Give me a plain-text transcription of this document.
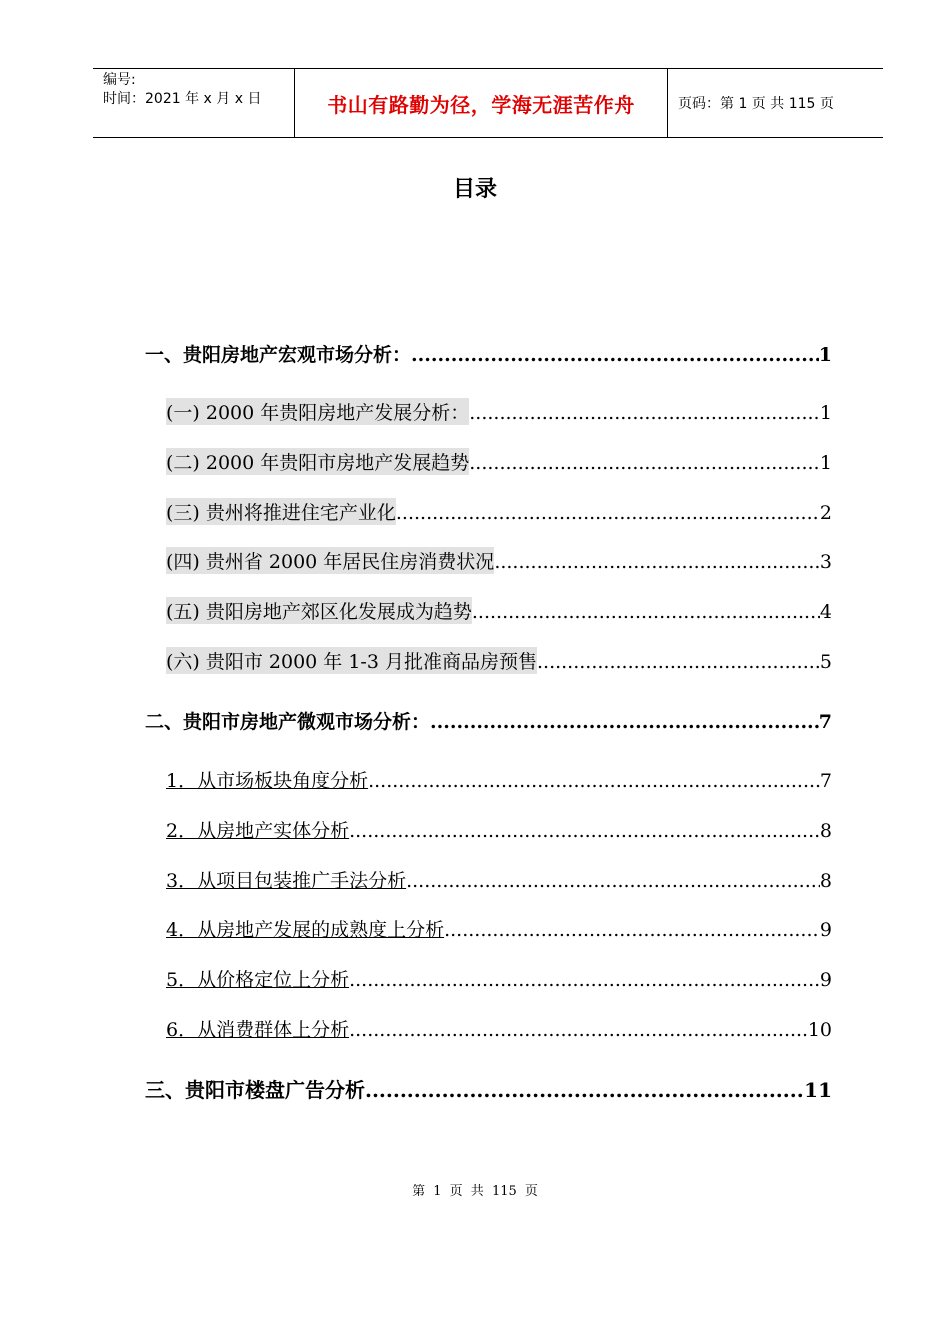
编号:
时间：2021 年 x 月 x 日	书山有路勤为径，学海无涯苦作舟	页码：第 1 页 共 115 页
目录
一、贵阳房地产宏观市场分析： .....	1
(一) 2000 年贵阳房地产发展分析： .....	1
(二) 2000 年贵阳市房地产发展趋势 .....	1
(三) 贵州将推进住宅产业化 .....	2
(四) 贵州省 2000 年居民住房消费状况 .....	3
(五) 贵阳房地产郊区化发展成为趋势 .....	4
(六) 贵阳市 2000 年 1-3 月批准商品房预售 .....	5
二、贵阳市房地产微观市场分析： .....	7
1．从市场板块角度分析 .....	7
2．从房地产实体分析 .....	8
3．从项目包装推广手法分析 .....	8
4．从房地产发展的成熟度上分析 .....	9
5．从价格定位上分析 .....	9
6．从消费群体上分析 .....	10
三、贵阳市楼盘广告分析 .....	11
第 1 页 共 115 页
